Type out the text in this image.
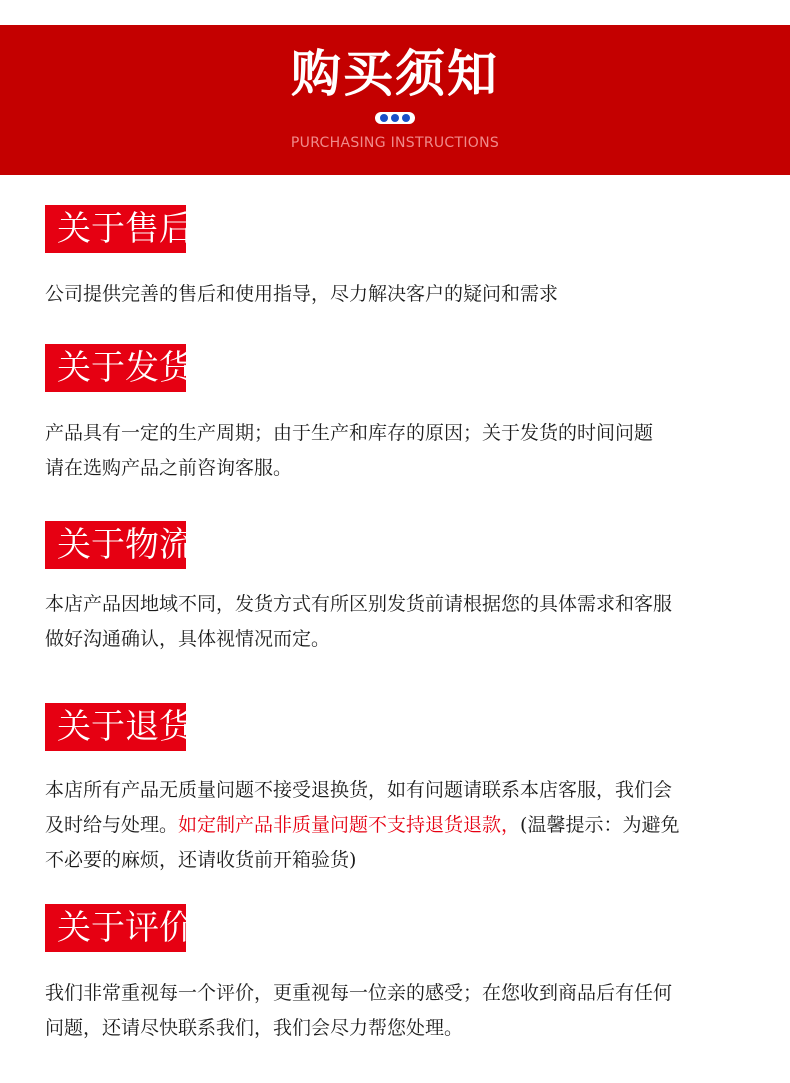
购买须知
PURCHASING INSTRUCTIONS
关于售后

公司提供完善的售后和使用指导，尽力解决客户的疑问和需求

关于发货

产品具有一定的生产周期；由于生产和库存的原因；关于发货的时间问题

请在选购产品之前咨询客服。

关于物流

本店产品因地域不同，发货方式有所区别发货前请根据您的具体需求和客服

做好沟通确认，具体视情况而定。

关于退货

本店所有产品无质量问题不接受退换货，如有问题请联系本店客服，我们会

及时给与处理。如定制产品非质量问题不支持退货退款，(温馨提示：为避免

不必要的麻烦，还请收货前开箱验货)

关于评价

我们非常重视每一个评价，更重视每一位亲的感受；在您收到商品后有任何

问题，还请尽快联系我们，我们会尽力帮您处理。
